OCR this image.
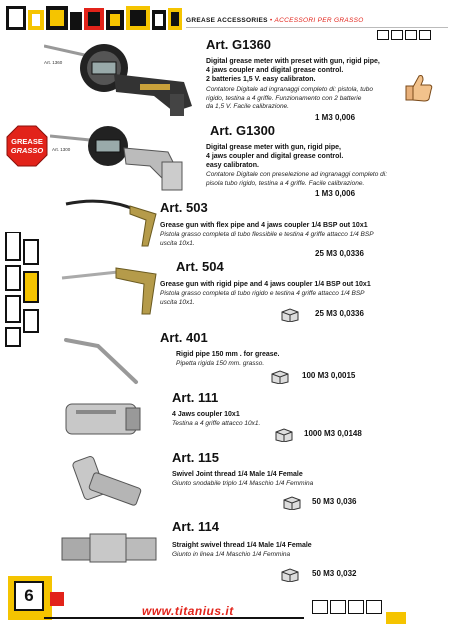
GREASE ACCESSORIES • ACCESSORI PER GRASSO
GREASE
GRASSO
Art. 1360
Art. G1360
Digital grease meter with preset with gun, rigid pipe,
4 jaws coupler and digital grease control.
2 batteries 1,5 V. easy calibraton.
Contatore Digitale ad ingranaggi completo di: pistola, tubo
rigido, testina a 4 griffe. Funzionamento con 2 batterie
da 1,5 V. Facile calibrazione.
1 M3 0,006
Art. 1300
Art. G1300
Digital grease meter with gun, rigid pipe,
4 jaws coupler and digital grease control.
easy calibraton.
Contatore Digitale con preselezione ad ingranaggi completo di:
pisola tubo rigido, testina a 4 griffe. Facile calibrazione.
1 M3 0,006
Art. 503
Grease gun with flex pipe and 4 jaws coupler 1/4 BSP out 10x1
Pistola grasso completa di tubo flessibile e testina 4 griffe attacco 1/4 BSP
uscita 10x1.
25 M3 0,0336
Art. 504
Grease gun with rigid pipe and 4 jaws coupler 1/4 BSP out 10x1
Pistola grasso completa di tubo rigido e testina 4 griffe attacco 1/4 BSP
uscita 10x1.
25 M3 0,0336
Art. 401
Rigid pipe 150 mm . for grease.
Pipetta rigida 150 mm. grasso.
100 M3 0,0015
Art. 111
4 Jaws coupler 10x1
Testina a 4 griffe attacco 10x1.
1000 M3 0,0148
Art. 115
Swivel Joint thread 1/4 Male 1/4 Female
Giunto snodabile triplo 1/4 Maschio 1/4 Femmina
50 M3 0,036
Art. 114
Straight swivel thread 1/4 Male 1/4 Female
Giunto in linea 1/4 Maschio 1/4 Femmina
50 M3 0,032
6
www.titanius.it
